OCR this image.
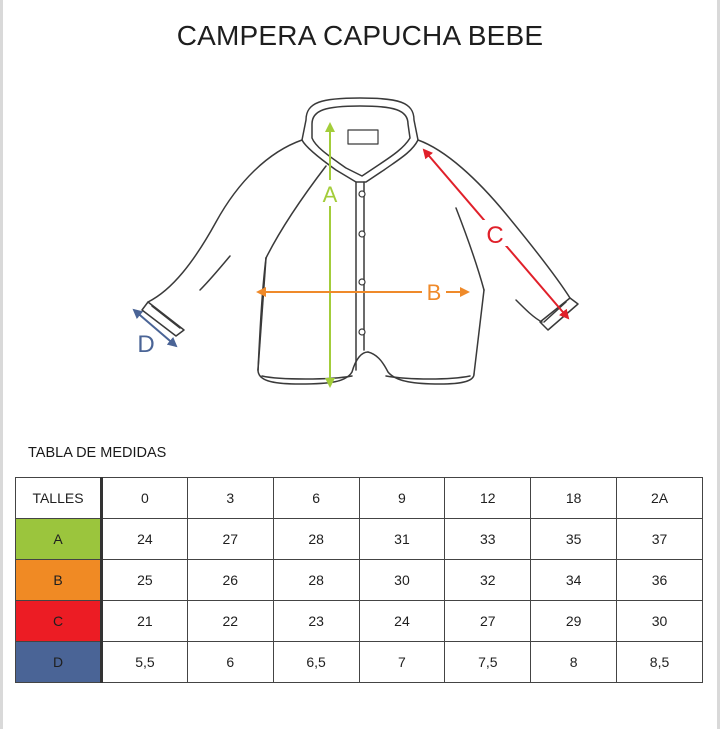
CAMPERA CAPUCHA BEBE
A
B
C
D
TABLA DE MEDIDAS
TALLES	0	3	6	9	12	18	2A
A	24	27	28	31	33	35	37
B	25	26	28	30	32	34	36
C	21	22	23	24	27	29	30
D	5,5	6	6,5	7	7,5	8	8,5
